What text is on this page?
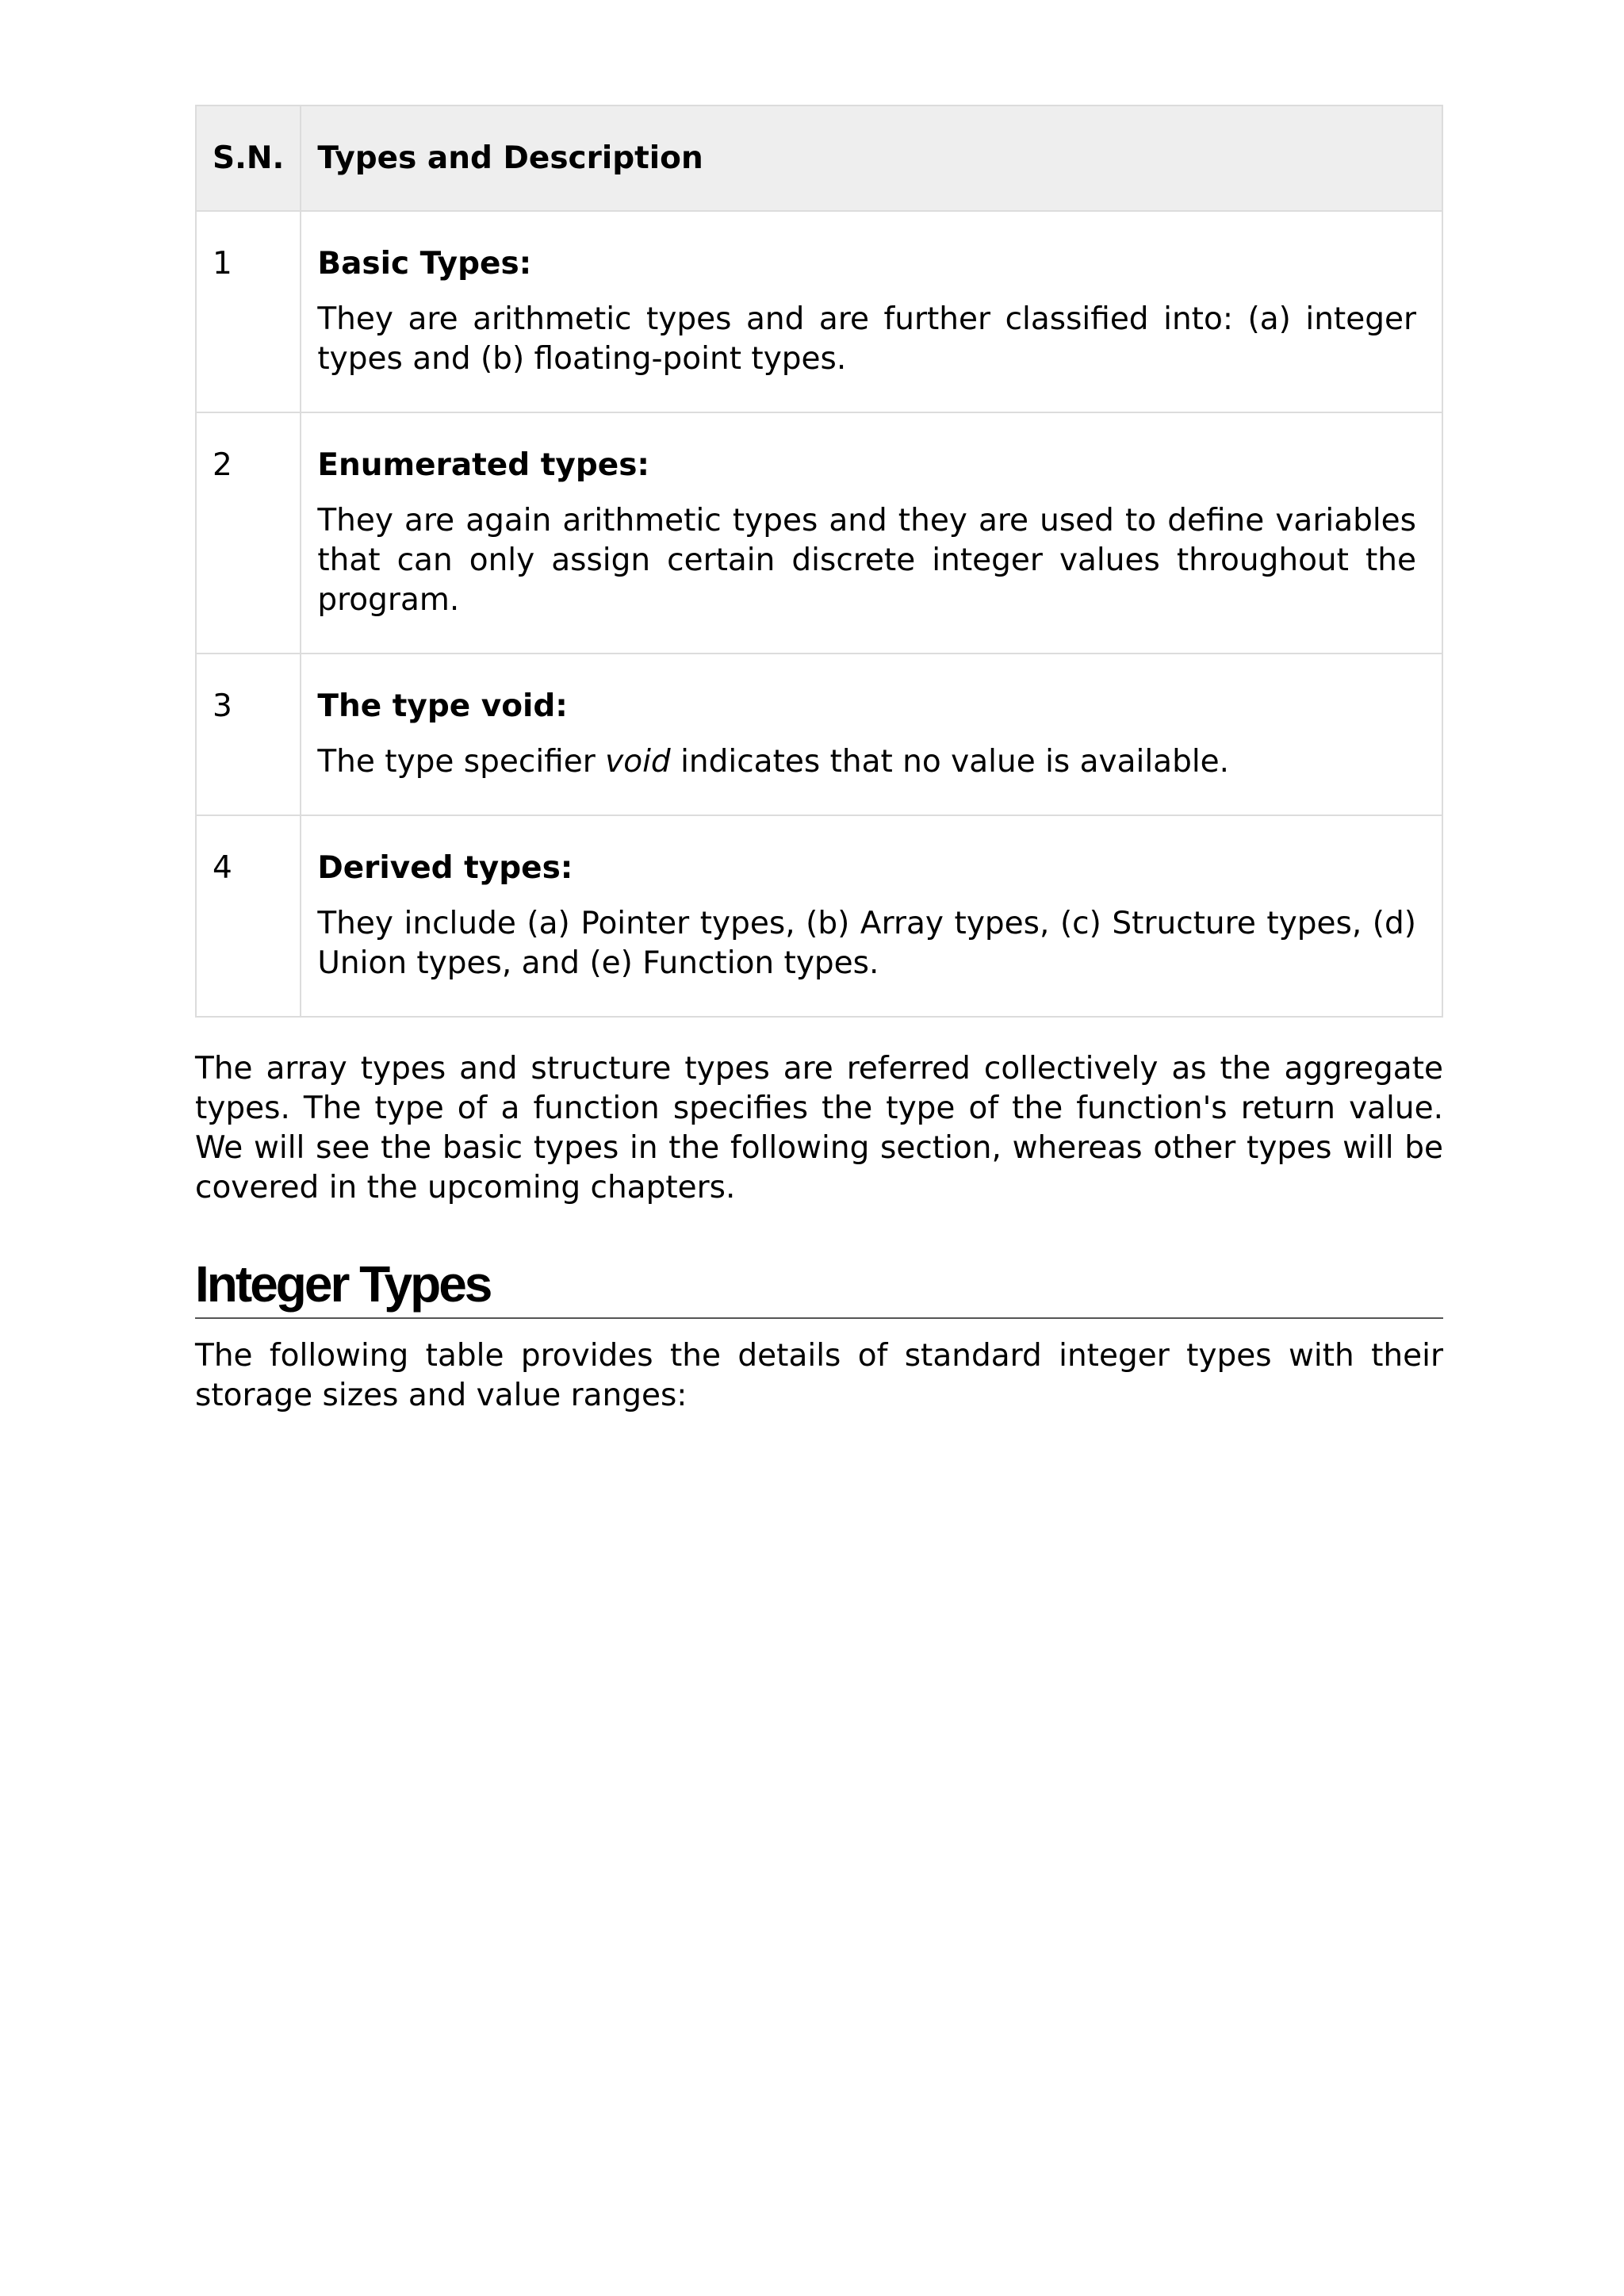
S.N.	Types and Description
1	Basic Types:

They are arithmetic types and are further classified into: (a) integer types and (b) floating-point types.

2	Enumerated types:

They are again arithmetic types and they are used to define variables that can only assign certain discrete integer values throughout the program.

3	The type void:

The type specifier void indicates that no value is available.

4	Derived types:

They include (a) Pointer types, (b) Array types, (c) Structure types, (d) Union types, and (e) Function types.

The array types and structure types are referred collectively as the aggregate types. The type of a function specifies the type of the function's return value. We will see the basic types in the following section, whereas other types will be covered in the upcoming chapters.

Integer Types

The following table provides the details of standard integer types with their storage sizes and value ranges:
